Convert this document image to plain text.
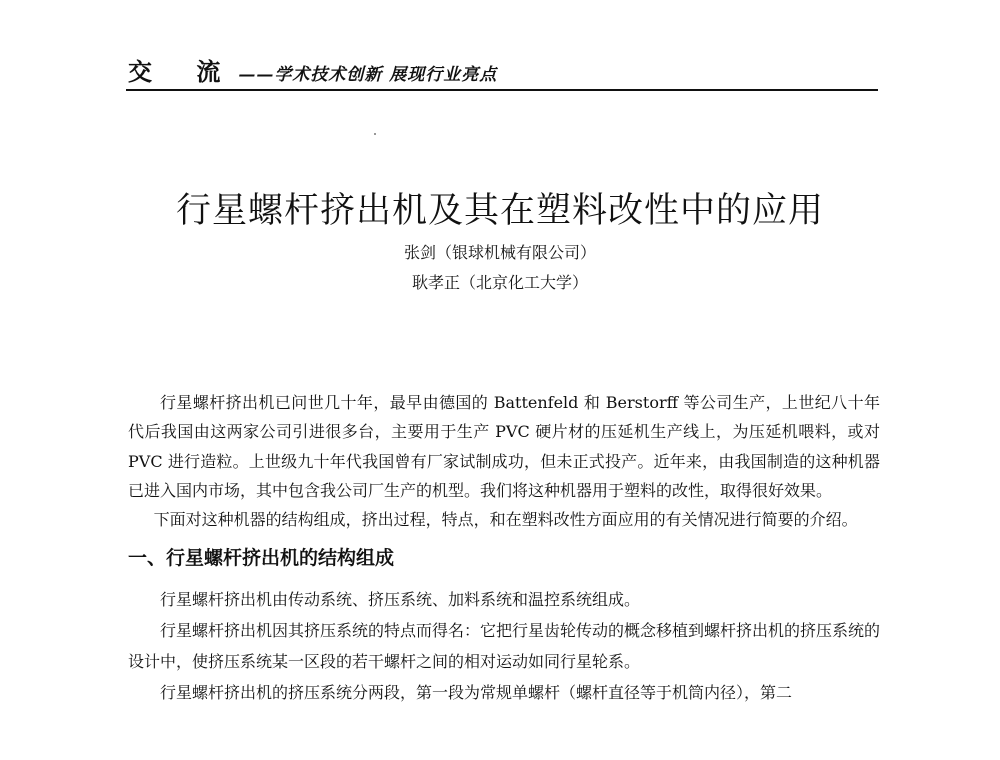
交 流——学术技术创新 展现行业亮点
行星螺杆挤出机及其在塑料改性中的应用
张剑（银球机械有限公司）
耿孝正（北京化工大学）

行星螺杆挤出机已问世几十年，最早由德国的 Battenfeld 和 Berstorff 等公司生产，上世纪八十年代后我国由这两家公司引进很多台，主要用于生产 PVC 硬片材的压延机生产线上，为压延机喂料，或对 PVC 进行造粒。上世级九十年代我国曾有厂家试制成功，但未正式投产。近年来，由我国制造的这种机器已进入国内市场，其中包含我公司厂生产的机型。我们将这种机器用于塑料的改性，取得很好效果。

下面对这种机器的结构组成，挤出过程，特点，和在塑料改性方面应用的有关情况进行简要的介绍。

一、行星螺杆挤出机的结构组成

行星螺杆挤出机由传动系统、挤压系统、加料系统和温控系统组成。

行星螺杆挤出机因其挤压系统的特点而得名：它把行星齿轮传动的概念移植到螺杆挤出机的挤压系统的设计中，使挤压系统某一区段的若干螺杆之间的相对运动如同行星轮系。

行星螺杆挤出机的挤压系统分两段，第一段为常规单螺杆（螺杆直径等于机筒内径），第二
